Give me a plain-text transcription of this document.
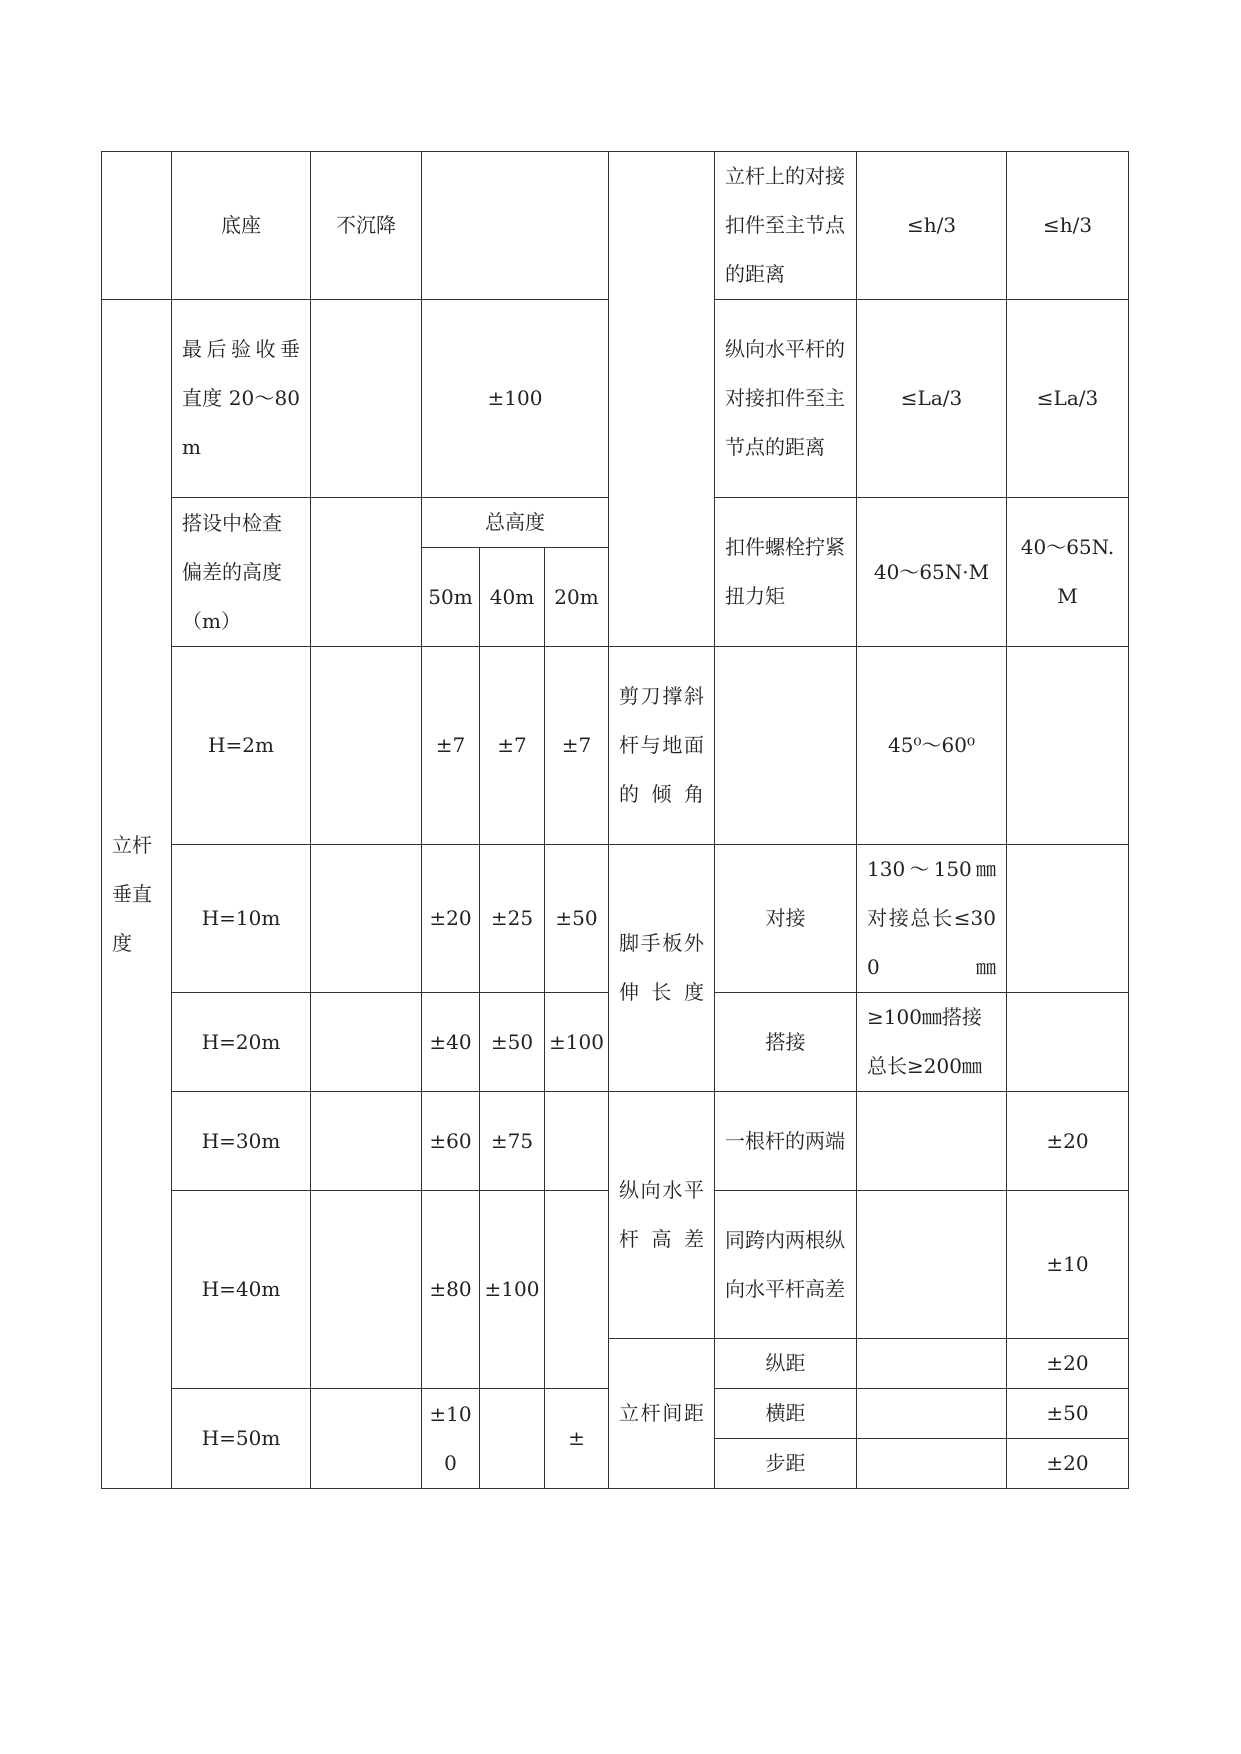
	底座	不沉降					立杆上的对接扣件至主节点的距离	≤h/3	≤h/3
立杆垂直度	最后验收垂直度 20～80m		±100				纵向水平杆的对接扣件至主节点的距离	≤La/3	≤La/3
	搭设中检查偏差的高度（m）		总高度				扣件螺栓拧紧扭力矩	40～65N·M	40～65N.M
			50m	40m	20m				
	H=2m		±7	±7	±7	剪刀撑斜杆与地面的倾角		45⁰～60⁰	
	H=10m		±20	±25	±50	脚手板外伸长度	对接	130～150㎜对接总长≤300㎜	
	H=20m		±40	±50	±100		搭接	≥100㎜搭接总长≥200㎜	
	H=30m		±60	±75		纵向水平杆高差	一根杆的两端		±20
	H=40m		±80	±100			同跨内两根纵向水平杆高差		±10
						立杆间距	纵距		±20
	H=50m		±100		±		横距		±50
							步距		±20
